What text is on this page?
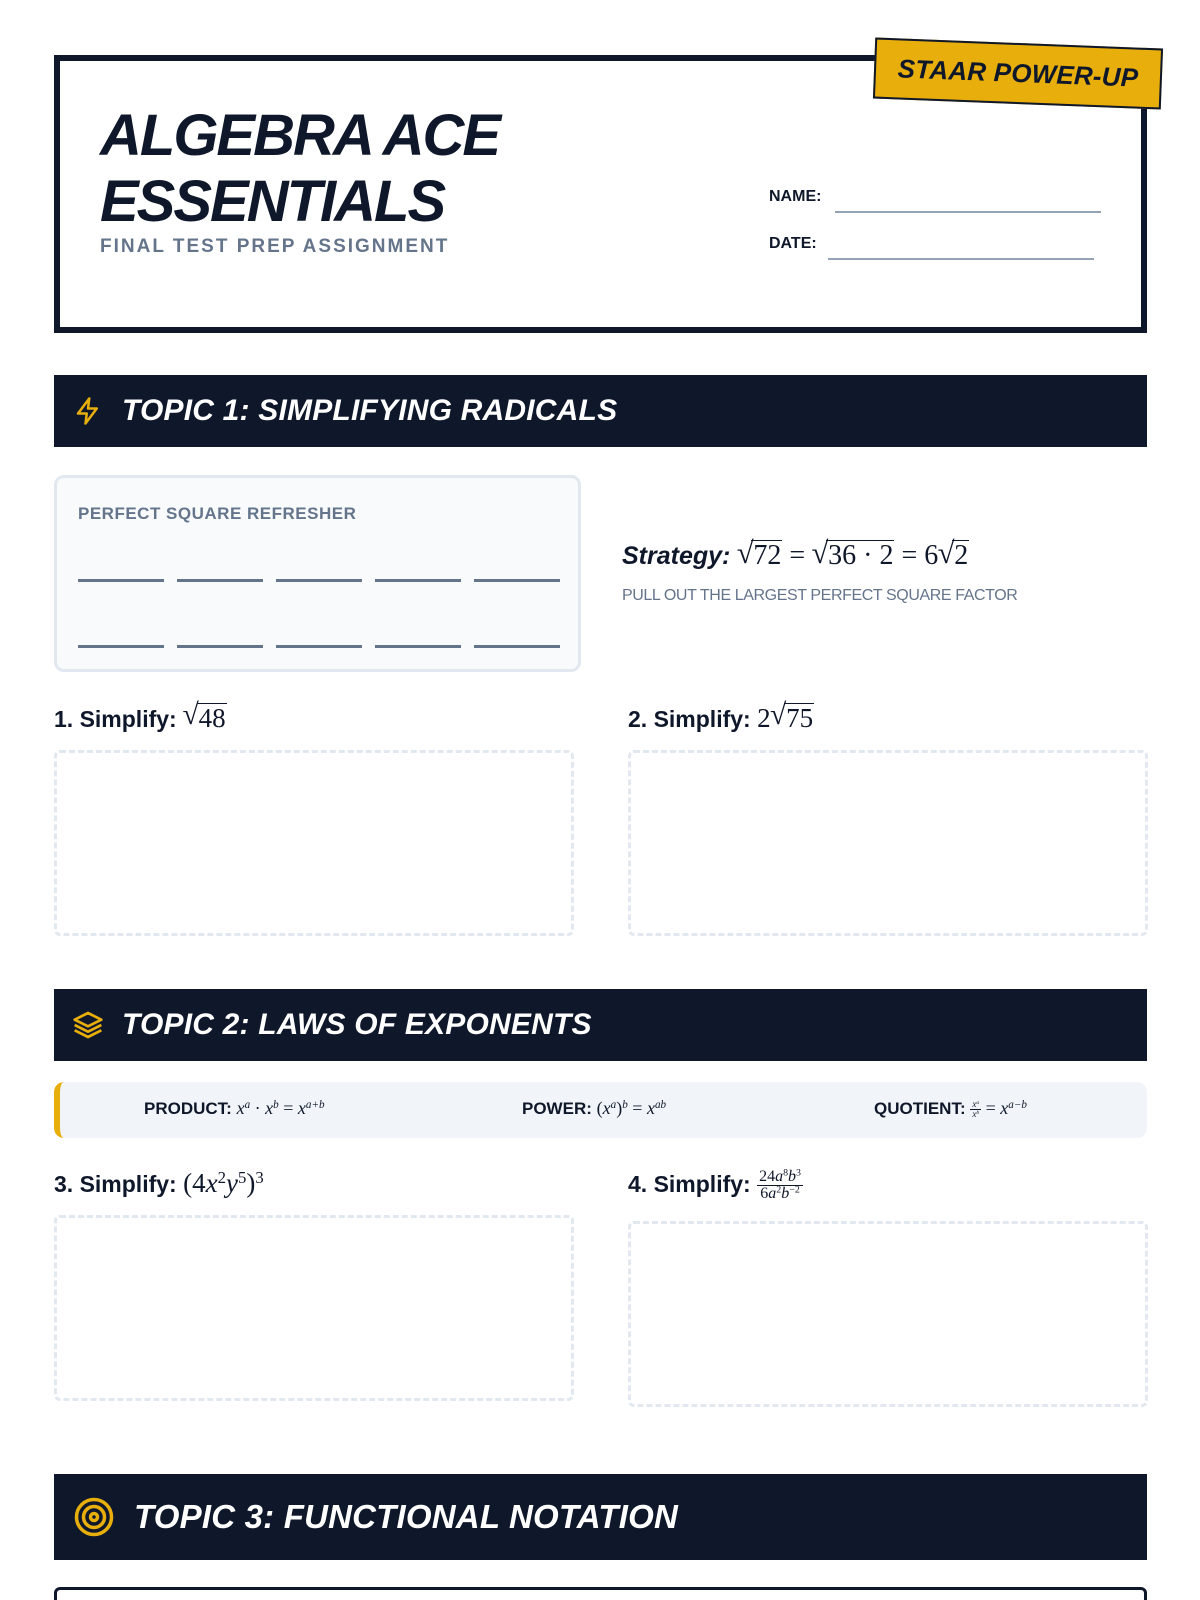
STAAR POWER-UP
ALGEBRA ACE
ESSENTIALS
FINAL TEST PREP ASSIGNMENT
NAME:
DATE:
TOPIC 1: SIMPLIFYING RADICALS
PERFECT SQUARE REFRESHER
Strategy: √ 72 = √ 36 · 2 = 6 √ 2
PULL OUT THE LARGEST PERFECT SQUARE FACTOR
1. Simplify: √ 48	2. Simplify: 2 √ 75
TOPIC 2: LAWS OF EXPONENTS
PRODUCT: $x^a \cdot x^b = x^{a+b}$	POWER: $(x^a)^b = x^{ab}$	QUOTIENT: $\frac{x^a}{x^b} = x^{a-b}$
3. Simplify: $(4x^2y^5)^3$	4. Simplify: $\frac{24a^8b^3}{6a^2b^{-2}}$
TOPIC 3: FUNCTIONAL NOTATION
